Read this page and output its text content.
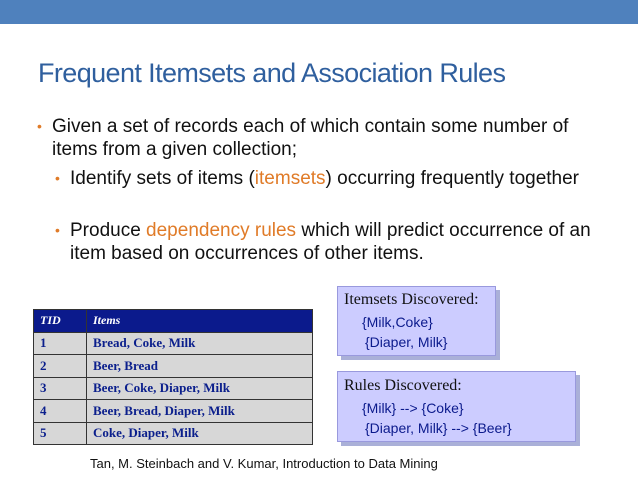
Frequent Itemsets and Association Rules
• Given a set of records each of which contain some number of items from a given collection;
• Identify sets of items (itemsets) occurring frequently together
• Produce dependency rules which will predict occurrence of an item based on occurrences of other items.
TID	Items
1	Bread, Coke, Milk
2	Beer, Bread
3	Beer, Coke, Diaper, Milk
4	Beer, Bread, Diaper, Milk
5	Coke, Diaper, Milk
Itemsets Discovered:
{Milk,Coke}
{Diaper, Milk}
Rules Discovered:
{Milk} --> {Coke}
{Diaper, Milk} --> {Beer}
Tan, M. Steinbach and V. Kumar, Introduction to Data Mining
